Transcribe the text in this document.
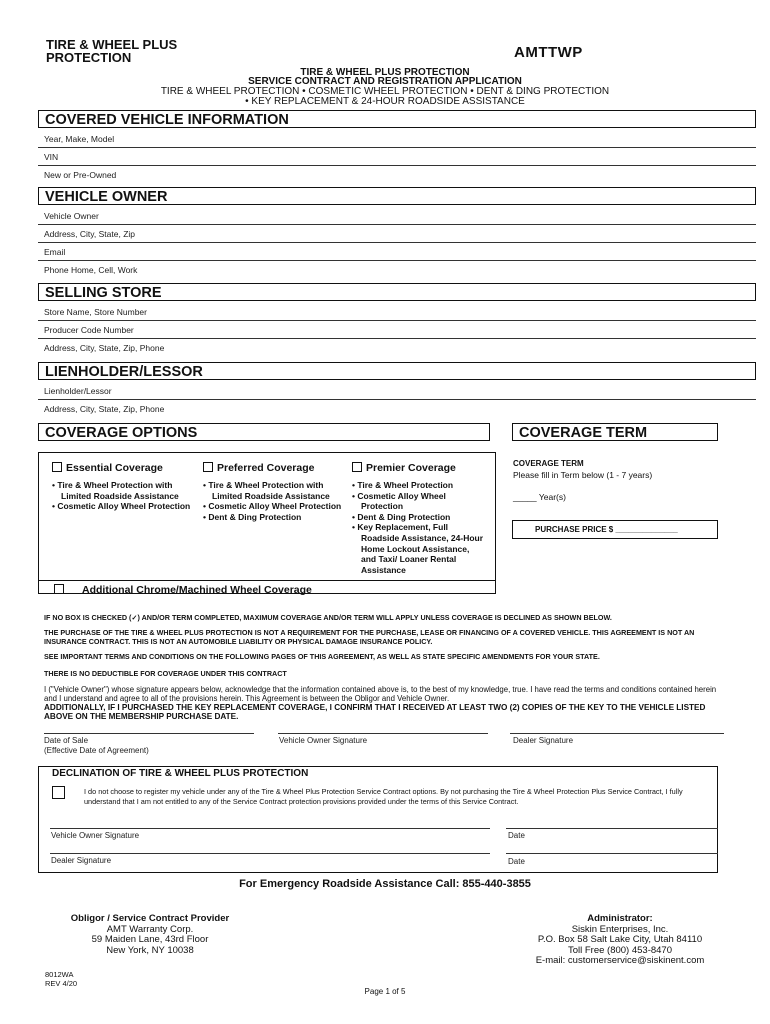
TIRE & WHEEL PLUS
PROTECTION	AMTTWP
TIRE & WHEEL PLUS PROTECTION
SERVICE CONTRACT AND REGISTRATION APPLICATION
TIRE & WHEEL PROTECTION • COSMETIC WHEEL PROTECTION • DENT & DING PROTECTION
• KEY REPLACEMENT & 24-HOUR ROADSIDE ASSISTANCE
COVERED VEHICLE INFORMATION
Year, Make, Model
VIN
New or Pre-Owned
VEHICLE OWNER
Vehicle Owner
Address, City, State, Zip
Email
Phone Home, Cell, Work
SELLING STORE
Store Name, Store Number
Producer Code Number
Address, City, State, Zip, Phone
LIENHOLDER/LESSOR
Lienholder/Lessor
Address, City, State, Zip, Phone
COVERAGE OPTIONS	COVERAGE TERM
Essential Coverage
• Tire & Wheel Protection with Limited Roadside Assistance
• Cosmetic Alloy Wheel Protection
Preferred Coverage
• Tire & Wheel Protection with Limited Roadside Assistance
• Cosmetic Alloy Wheel Protection
• Dent & Ding Protection
Premier Coverage
• Tire & Wheel Protection
• Cosmetic Alloy Wheel Protection
• Dent & Ding Protection
• Key Replacement, Full Roadside Assistance, 24-Hour Home Lockout Assistance, and Taxi/ Loaner Rental Assistance
Additional Chrome/Machined Wheel Coverage
COVERAGE TERM
Please fill in Term below (1 - 7 years)
_____ Year(s)
PURCHASE PRICE $ ______________
IF NO BOX IS CHECKED (✓) AND/OR TERM COMPLETED, MAXIMUM COVERAGE AND/OR TERM WILL APPLY UNLESS COVERAGE IS DECLINED AS SHOWN BELOW.
THE PURCHASE OF THE TIRE & WHEEL PLUS PROTECTION IS NOT A REQUIREMENT FOR THE PURCHASE, LEASE OR FINANCING OF A COVERED VEHICLE. THIS AGREEMENT IS NOT AN INSURANCE CONTRACT. THIS IS NOT AN AUTOMOBILE LIABILITY OR PHYSICAL DAMAGE INSURANCE POLICY.
SEE IMPORTANT TERMS AND CONDITIONS ON THE FOLLOWING PAGES OF THIS AGREEMENT, AS WELL AS STATE SPECIFIC AMENDMENTS FOR YOUR STATE.
THERE IS NO DEDUCTIBLE FOR COVERAGE UNDER THIS CONTRACT
I ("Vehicle Owner") whose signature appears below, acknowledge that the information contained above is, to the best of my knowledge, true. I have read the terms and conditions contained herein and I understand and agree to all of the provisions herein. This Agreement is between the Obligor and Vehicle Owner.
ADDITIONALLY, IF I PURCHASED THE KEY REPLACEMENT COVERAGE, I CONFIRM THAT I RECEIVED AT LEAST TWO (2) COPIES OF THE KEY TO THE VEHICLE LISTED ABOVE ON THE MEMBERSHIP PURCHASE DATE.
Date of Sale
(Effective Date of Agreement)
Vehicle Owner Signature	Dealer Signature
DECLINATION OF TIRE & WHEEL PLUS PROTECTION
I do not choose to register my vehicle under any of the Tire & Wheel Plus Protection Service Contract options. By not purchasing the Tire & Wheel Protection Plus Service Contract, I fully understand that I am not entitled to any of the Service Contract protection provisions provided under the terms of this Service Contract.
Vehicle Owner Signature	Date
Dealer Signature	Date
For Emergency Roadside Assistance Call: 855-440-3855
Obligor / Service Contract Provider
AMT Warranty Corp.
59 Maiden Lane, 43rd Floor
New York, NY 10038
Administrator:
Siskin Enterprises, Inc.
P.O. Box 58 Salt Lake City, Utah 84110
Toll Free (800) 453-8470
E-mail: customerservice@siskinent.com
8012WA
REV 4/20
Page 1 of 5
